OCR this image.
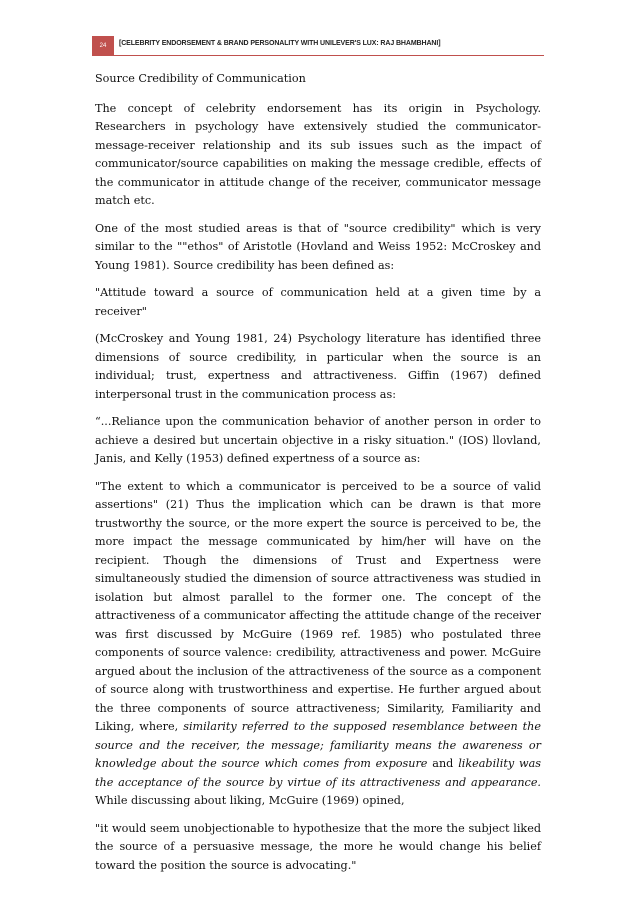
24	[CELEBRITY ENDORSEMENT & BRAND PERSONALITY WITH UNILEVER'S LUX: RAJ BHAMBHANI]

Source Credibility of Communication

The concept of celebrity endorsement has its origin in Psychology. Researchers in psychology have extensively studied the communicator-message-receiver relationship and its sub issues such as the impact of communicator/source capabilities on making the message credible, effects of the communicator in attitude change of the receiver, communicator message match etc.

One of the most studied areas is that of "source credibility" which is very similar to the ""ethos" of Aristotle (Hovland and Weiss 1952: McCroskey and Young 1981). Source credibility has been defined as:

"Attitude toward a source of communication held at a given time by a receiver"

(McCroskey and Young 1981, 24) Psychology literature has identified three dimensions of source credibility, in particular when the source is an individual; trust, expertness and attractiveness. Giffin (1967) defined interpersonal trust in the communication process as:

“...Reliance upon the communication behavior of another person in order to achieve a desired but uncertain objective in a risky situation." (IOS) llovland, Janis, and Kelly (1953) defined expertness of a source as:

"The extent to which a communicator is perceived to be a source of valid assertions" (21) Thus the implication which can be drawn is that more trustworthy the source, or the more expert the source is perceived to be, the more impact the message communicated by him/her will have on the recipient. Though the dimensions of Trust and Expertness were simultaneously studied the dimension of source attractiveness was studied in isolation but almost parallel to the former one. The concept of the attractiveness of a communicator affecting the attitude change of the receiver was first discussed by McGuire (1969 ref. 1985) who postulated three components of source valence: credibility, attractiveness and power. McGuire argued about the inclusion of the attractiveness of the source as a component of source along with trustworthiness and expertise. He further argued about the three components of source attractiveness; Similarity, Familiarity and Liking, where, similarity referred to the supposed resemblance between the source and the receiver, the message; familiarity means the awareness or knowledge about the source which comes from exposure and likeability was the acceptance of the source by virtue of its attractiveness and appearance. While discussing about liking, McGuire (1969) opined,

"it would seem unobjectionable to hypothesize that the more the subject liked the source of a persuasive message, the more he would change his belief toward the position the source is advocating."
